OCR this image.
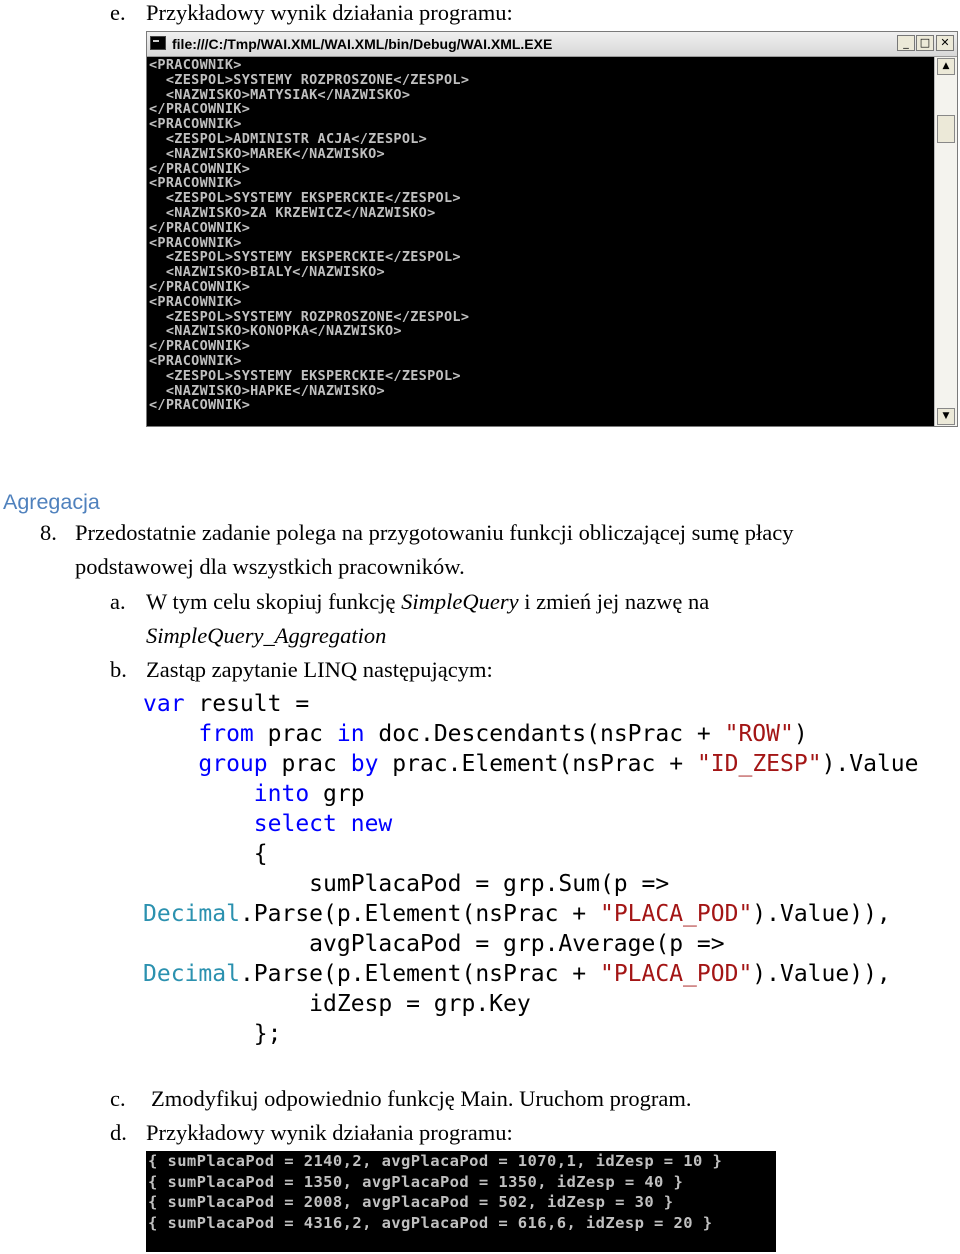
e. Przykładowy wynik działania programu:
file:///C:/Tmp/WAI.XML/WAI.XML/bin/Debug/WAI.XML.EXE	_	□ ✕
<PRACOWNIK>
<ZESPOL>SYSTEMY ROZPROSZONE</ZESPOL>
<NAZWISKO>MATYSIAK</NAZWISKO>
</PRACOWNIK>
<PRACOWNIK>
<ZESPOL>ADMINISTR ACJA</ZESPOL>
<NAZWISKO>MAREK</NAZWISKO>
</PRACOWNIK>
<PRACOWNIK>
<ZESPOL>SYSTEMY EKSPERCKIE</ZESPOL>
<NAZWISKO>ZA KRZEWICZ</NAZWISKO>
</PRACOWNIK>
<PRACOWNIK>
<ZESPOL>SYSTEMY EKSPERCKIE</ZESPOL>
<NAZWISKO>BIALY</NAZWISKO>
</PRACOWNIK>
<PRACOWNIK>
<ZESPOL>SYSTEMY ROZPROSZONE</ZESPOL>
<NAZWISKO>KONOPKA</NAZWISKO>
</PRACOWNIK>
<PRACOWNIK>
<ZESPOL>SYSTEMY EKSPERCKIE</ZESPOL>
<NAZWISKO>HAPKE</NAZWISKO>
</PRACOWNIK>
▲
▼
Agregacja
8. Przedostatnie zadanie polega na przygotowaniu funkcji obliczającej sumę płacy
podstawowej dla wszystkich pracowników.
a. W tym celu skopiuj funkcję SimpleQuery i zmień jej nazwę na
SimpleQuery_Aggregation
b. Zastąp zapytanie LINQ następującym:
var result =
from prac in doc.Descendants(nsPrac + "ROW")
group prac by prac.Element(nsPrac + "ID_ZESP").Value
into grp
select new
{
sumPlacaPod = grp.Sum(p =>
Decimal.Parse(p.Element(nsPrac + "PLACA_POD").Value)),
avgPlacaPod = grp.Average(p =>
Decimal.Parse(p.Element(nsPrac + "PLACA_POD").Value)),
idZesp = grp.Key
};
c. Zmodyfikuj odpowiednio funkcję Main. Uruchom program.
d. Przykładowy wynik działania programu:
{ sumPlacaPod = 2140,2, avgPlacaPod = 1070,1, idZesp = 10 }
{ sumPlacaPod = 1350, avgPlacaPod = 1350, idZesp = 40 }
{ sumPlacaPod = 2008, avgPlacaPod = 502, idZesp = 30 }
{ sumPlacaPod = 4316,2, avgPlacaPod = 616,6, idZesp = 20 }
